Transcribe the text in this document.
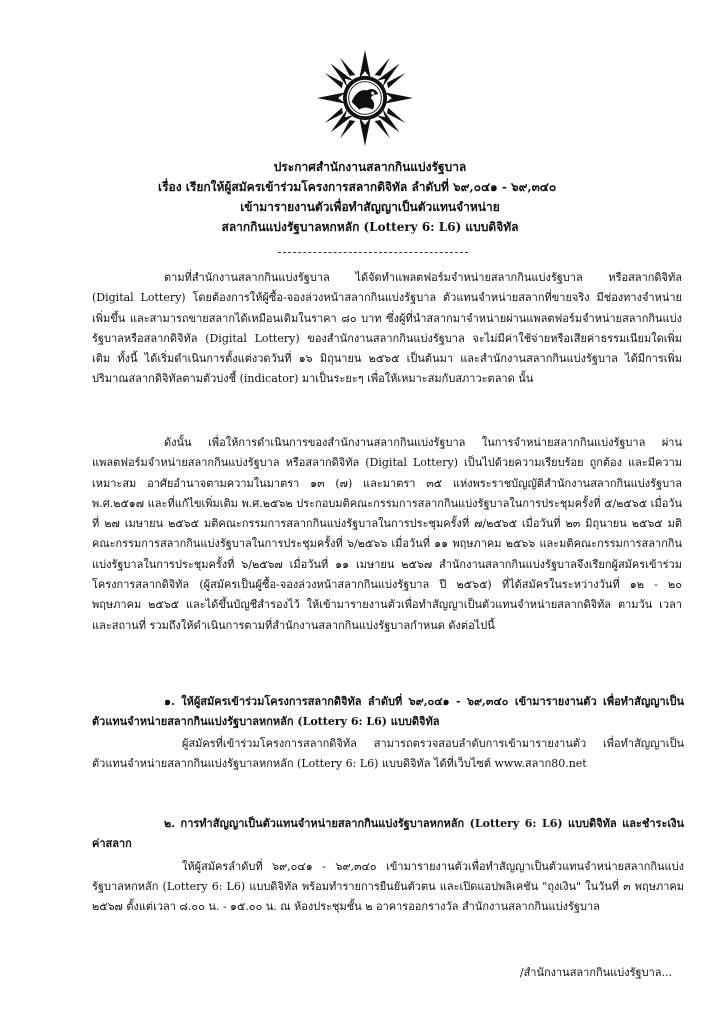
ประกาศสำนักงานสลากกินแบ่งรัฐบาล
เรื่อง เรียกให้ผู้สมัครเข้าร่วมโครงการสลากดิจิทัล ลำดับที่ ๖๙,๐๔๑ - ๖๙,๓๔๐
เข้ามารายงานตัวเพื่อทำสัญญาเป็นตัวแทนจำหน่าย
สลากกินแบ่งรัฐบาลหกหลัก (Lottery 6: L6) แบบดิจิทัล
ตามที่สำนักงานสลากกินแบ่งรัฐบาล ได้จัดทำแพลตฟอร์มจำหน่ายสลากกินแบ่งรัฐบาล หรือสลากดิจิทัล (Digital Lottery) โดยต้องการให้ผู้ซื้อ-จองล่วงหน้าสลากกินแบ่งรัฐบาล ตัวแทนจำหน่ายสลากที่ขายจริง มีช่องทางจำหน่ายเพิ่มขึ้น และสามารถขายสลากได้เหมือนเดิมในราคา ๘๐ บาท ซึ่งผู้ที่นำสลากมาจำหน่ายผ่านแพลตฟอร์มจำหน่ายสลากกินแบ่งรัฐบาลหรือสลากดิจิทัล (Digital Lottery) ของสำนักงานสลากกินแบ่งรัฐบาล จะไม่มีค่าใช้จ่ายหรือเสียค่าธรรมเนียมใดเพิ่มเติม ทั้งนี้ ได้เริ่มดำเนินการตั้งแต่งวดวันที่ ๑๖ มิถุนายน ๒๕๖๕ เป็นต้นมา และสำนักงานสลากกินแบ่งรัฐบาล ได้มีการเพิ่มปริมาณสลากดิจิทัลตามตัวบ่งชี้ (indicator) มาเป็นระยะๆ เพื่อให้เหมาะสมกับสภาวะตลาด นั้น
ดังนั้น เพื่อให้การดำเนินการของสำนักงานสลากกินแบ่งรัฐบาล ในการจำหน่ายสลากกินแบ่งรัฐบาล ผ่านแพลตฟอร์มจำหน่ายสลากกินแบ่งรัฐบาล หรือสลากดิจิทัล (Digital Lottery) เป็นไปด้วยความเรียบร้อย ถูกต้อง และมีความเหมาะสม อาศัยอำนาจตามความในมาตรา ๑๓ (๗) และมาตรา ๓๕ แห่งพระราชบัญญัติสำนักงานสลากกินแบ่งรัฐบาล พ.ศ.๒๕๑๗ และที่แก้ไขเพิ่มเติม พ.ศ.๒๕๖๒ ประกอบมติคณะกรรมการสลากกินแบ่งรัฐบาลในการประชุมครั้งที่ ๕/๒๕๖๕ เมื่อวันที่ ๒๗ เมษายน ๒๕๖๕ มติคณะกรรมการสลากกินแบ่งรัฐบาลในการประชุมครั้งที่ ๗/๒๕๖๕ เมื่อวันที่ ๒๓ มิถุนายน ๒๕๖๕ มติคณะกรรมการสลากกินแบ่งรัฐบาลในการประชุมครั้งที่ ๖/๒๕๖๖ เมื่อวันที่ ๑๑ พฤษภาคม ๒๕๖๖ และมติคณะกรรมการสลากกินแบ่งรัฐบาลในการประชุมครั้งที่ ๖/๒๕๖๗ เมื่อวันที่ ๑๑ เมษายน ๒๕๖๗ สำนักงานสลากกินแบ่งรัฐบาลจึงเรียกผู้สมัครเข้าร่วมโครงการสลากดิจิทัล (ผู้สมัครเป็นผู้ซื้อ-จองล่วงหน้าสลากกินแบ่งรัฐบาล ปี ๒๕๖๕) ที่ได้สมัครในระหว่างวันที่ ๑๒ - ๒๐ พฤษภาคม ๒๕๖๕ และได้ขึ้นบัญชีสำรองไว้ ให้เข้ามารายงานตัวเพื่อทำสัญญาเป็นตัวแทนจำหน่ายสลากดิจิทัล ตามวัน เวลาและสถานที่ รวมถึงให้ดำเนินการตามที่สำนักงานสลากกินแบ่งรัฐบาลกำหนด ดังต่อไปนี้
๑. ให้ผู้สมัครเข้าร่วมโครงการสลากดิจิทัล ลำดับที่ ๖๙,๐๔๑ - ๖๙,๓๔๐ เข้ามารายงานตัว เพื่อทำสัญญาเป็นตัวแทนจำหน่ายสลากกินแบ่งรัฐบาลหกหลัก (Lottery 6: L6) แบบดิจิทัล
ผู้สมัครที่เข้าร่วมโครงการสลากดิจิทัล สามารถตรวจสอบลำดับการเข้ามารายงานตัว เพื่อทำสัญญาเป็นตัวแทนจำหน่ายสลากกินแบ่งรัฐบาลหกหลัก (Lottery 6: L6) แบบดิจิทัล ได้ที่เว็บไซต์ www.สลาก80.net
๒. การทำสัญญาเป็นตัวแทนจำหน่ายสลากกินแบ่งรัฐบาลหกหลัก (Lottery 6: L6) แบบดิจิทัล และชำระเงินค่าสลาก
ให้ผู้สมัครลำดับที่ ๖๙,๐๔๑ - ๖๙,๓๔๐ เข้ามารายงานตัวเพื่อทำสัญญาเป็นตัวแทนจำหน่ายสลากกินแบ่งรัฐบาลหกหลัก (Lottery 6: L6) แบบดิจิทัล พร้อมทำรายการยืนยันตัวตน และเปิดแอปพลิเคชัน "ถุงเงิน" ในวันที่ ๓ พฤษภาคม ๒๕๖๗ ตั้งแต่เวลา ๘.๐๐ น. - ๑๕.๐๐ น. ณ ห้องประชุมชั้น ๒ อาคารออกรางวัล สำนักงานสลากกินแบ่งรัฐบาล
/สำนักงานสลากกินแบ่งรัฐบาล...
